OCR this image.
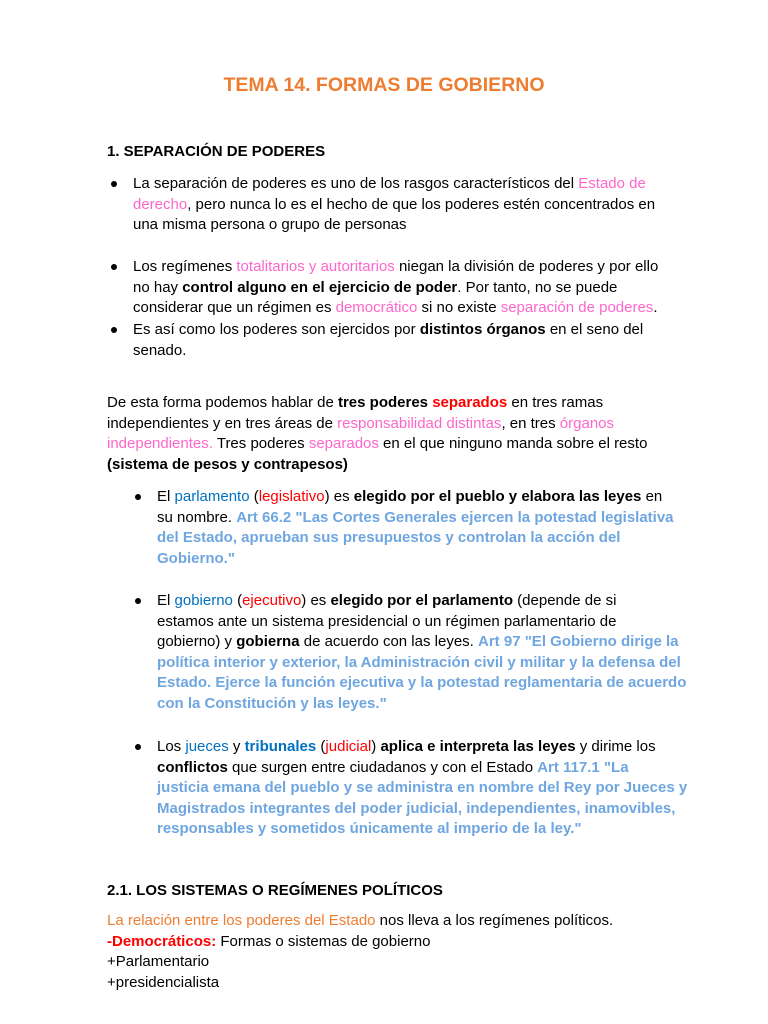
TEMA 14. FORMAS DE GOBIERNO
1. SEPARACIÓN DE PODERES
La separación de poderes es uno de los rasgos característicos del Estado de
derecho, pero nunca lo es el hecho de que los poderes estén concentrados en
una misma persona o grupo de personas
Los regímenes totalitarios y autoritarios niegan la división de poderes y por ello
no hay control alguno en el ejercicio de poder. Por tanto, no se puede
considerar que un régimen es democrático si no existe separación de poderes.
Es así como los poderes son ejercidos por distintos órganos en el seno del
senado.
De esta forma podemos hablar de tres poderes separados en tres ramas
independientes y en tres áreas de responsabilidad distintas, en tres órganos
independientes. Tres poderes separados en el que ninguno manda sobre el resto
(sistema de pesos y contrapesos)
El parlamento (legislativo) es elegido por el pueblo y elabora las leyes en
su nombre. Art 66.2 "Las Cortes Generales ejercen la potestad legislativa
del Estado, aprueban sus presupuestos y controlan la acción del
Gobierno."
El gobierno (ejecutivo) es elegido por el parlamento (depende de si
estamos ante un sistema presidencial o un régimen parlamentario de
gobierno) y gobierna de acuerdo con las leyes. Art 97 "El Gobierno dirige la
política interior y exterior, la Administración civil y militar y la defensa del
Estado. Ejerce la función ejecutiva y la potestad reglamentaria de acuerdo
con la Constitución y las leyes."
Los jueces y tribunales (judicial) aplica e interpreta las leyes y dirime los
conflictos que surgen entre ciudadanos y con el Estado Art 117.1 "La
justicia emana del pueblo y se administra en nombre del Rey por Jueces y
Magistrados integrantes del poder judicial, independientes, inamovibles,
responsables y sometidos únicamente al imperio de la ley."
2.1. LOS SISTEMAS O REGÍMENES POLÍTICOS
La relación entre los poderes del Estado nos lleva a los regímenes políticos.
-Democráticos: Formas o sistemas de gobierno
+Parlamentario
+presidencialista
